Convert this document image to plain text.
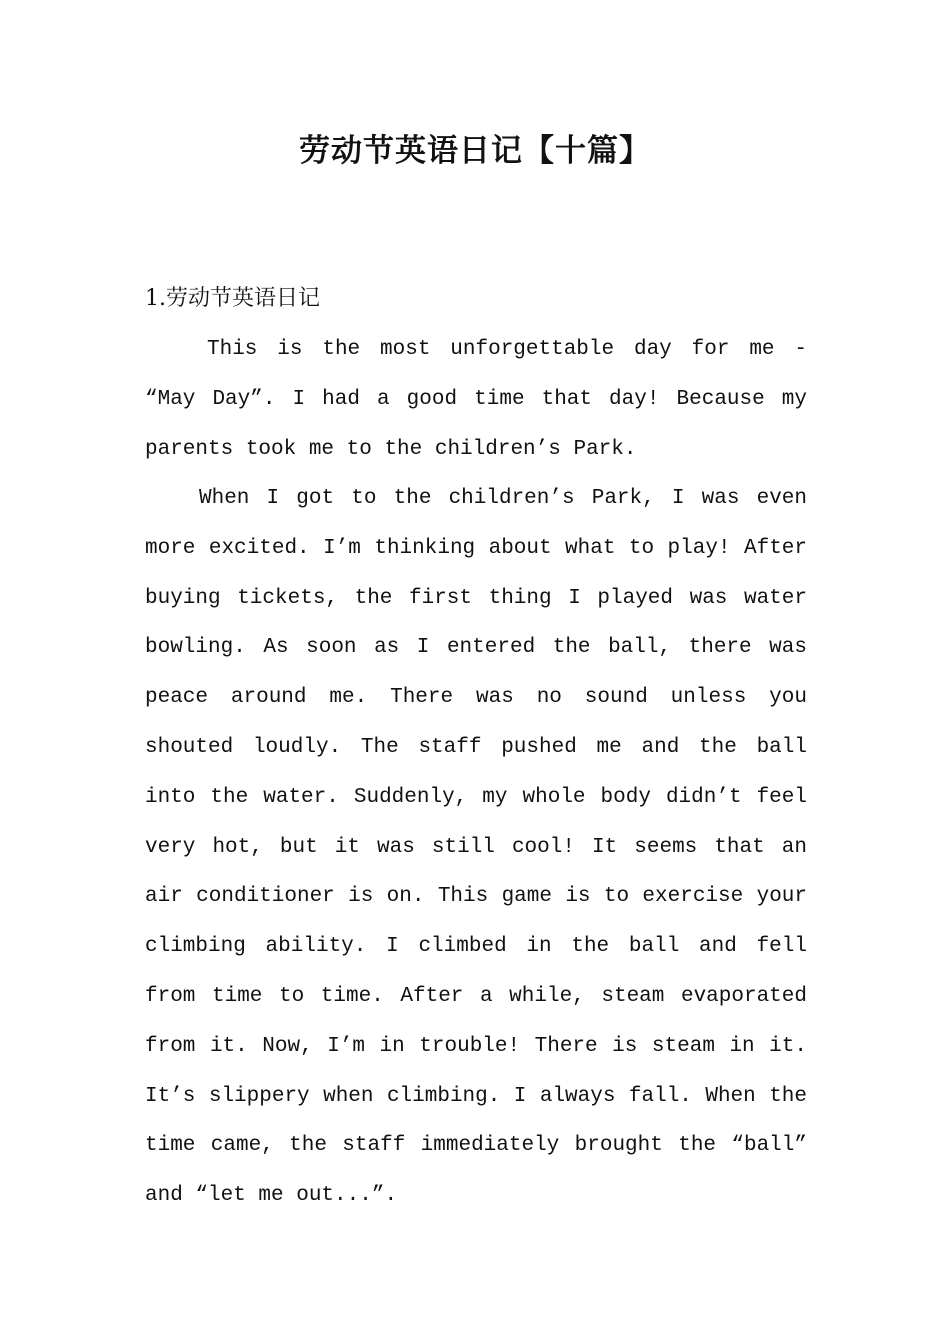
劳动节英语日记【十篇】
1.劳动节英语日记

This is the most unforgettable day for me - “May Day”. I had a good time that day! Because my parents took me to the children’s Park.

When I got to the children’s Park, I was even more excited. I’m thinking about what to play! After buying tickets, the first thing I played was water bowling. As soon as I entered the ball, there was peace around me. There was no sound unless you shouted loudly. The staff pushed me and the ball into the water. Suddenly, my whole body didn’t feel very hot, but it was still cool! It seems that an air conditioner is on. This game is to exercise your climbing ability. I climbed in the ball and fell from time to time. After a while, steam evaporated from it. Now, I’m in trouble! There is steam in it. It’s slippery when climbing. I always fall. When the time came, the staff immediately brought the “ball” and “let me out...”.
